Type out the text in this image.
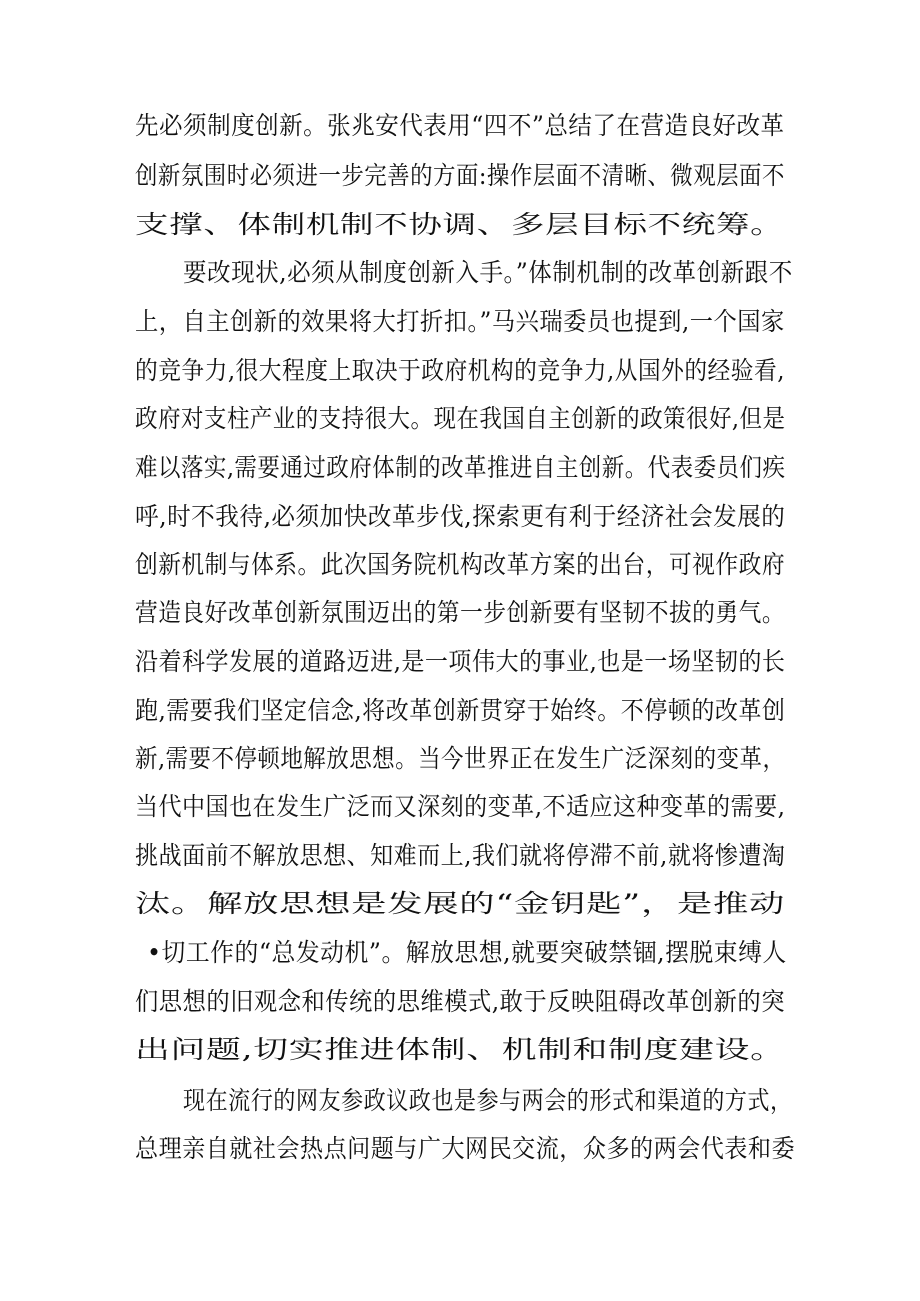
先必须制度创新。张兆安代表用“四不”总结了在营造良好改革
创新氛围时必须进一步完善的方面:操作层面不清晰、微观层面不
支撑、体制机制不协调、多层目标不统筹。
要改现状,必须从制度创新入手。”体制机制的改革创新跟不
上，自主创新的效果将大打折扣。”马兴瑞委员也提到,一个国家
的竞争力,很大程度上取决于政府机构的竞争力,从国外的经验看,
政府对支柱产业的支持很大。现在我国自主创新的政策很好,但是
难以落实,需要通过政府体制的改革推进自主创新。代表委员们疾
呼,时不我待,必须加快改革步伐,探索更有利于经济社会发展的
创新机制与体系。此次国务院机构改革方案的出台，可视作政府
营造良好改革创新氛围迈出的第一步创新要有坚韧不拔的勇气。
沿着科学发展的道路迈进,是一项伟大的事业,也是一场坚韧的长
跑,需要我们坚定信念,将改革创新贯穿于始终。不停顿的改革创
新,需要不停顿地解放思想。当今世界正在发生广泛深刻的变革，
当代中国也在发生广泛而又深刻的变革,不适应这种变革的需要,
挑战面前不解放思想、知难而上,我们就将停滞不前,就将惨遭淘
汰。解放思想是发展的“金钥匙”，是推动
•切工作的“总发动机”。解放思想,就要突破禁锢,摆脱束缚人
们思想的旧观念和传统的思维模式,敢于反映阻碍改革创新的突
出问题,切实推进体制、机制和制度建设。
现在流行的网友参政议政也是参与两会的形式和渠道的方式，
总理亲自就社会热点问题与广大网民交流，众多的两会代表和委
